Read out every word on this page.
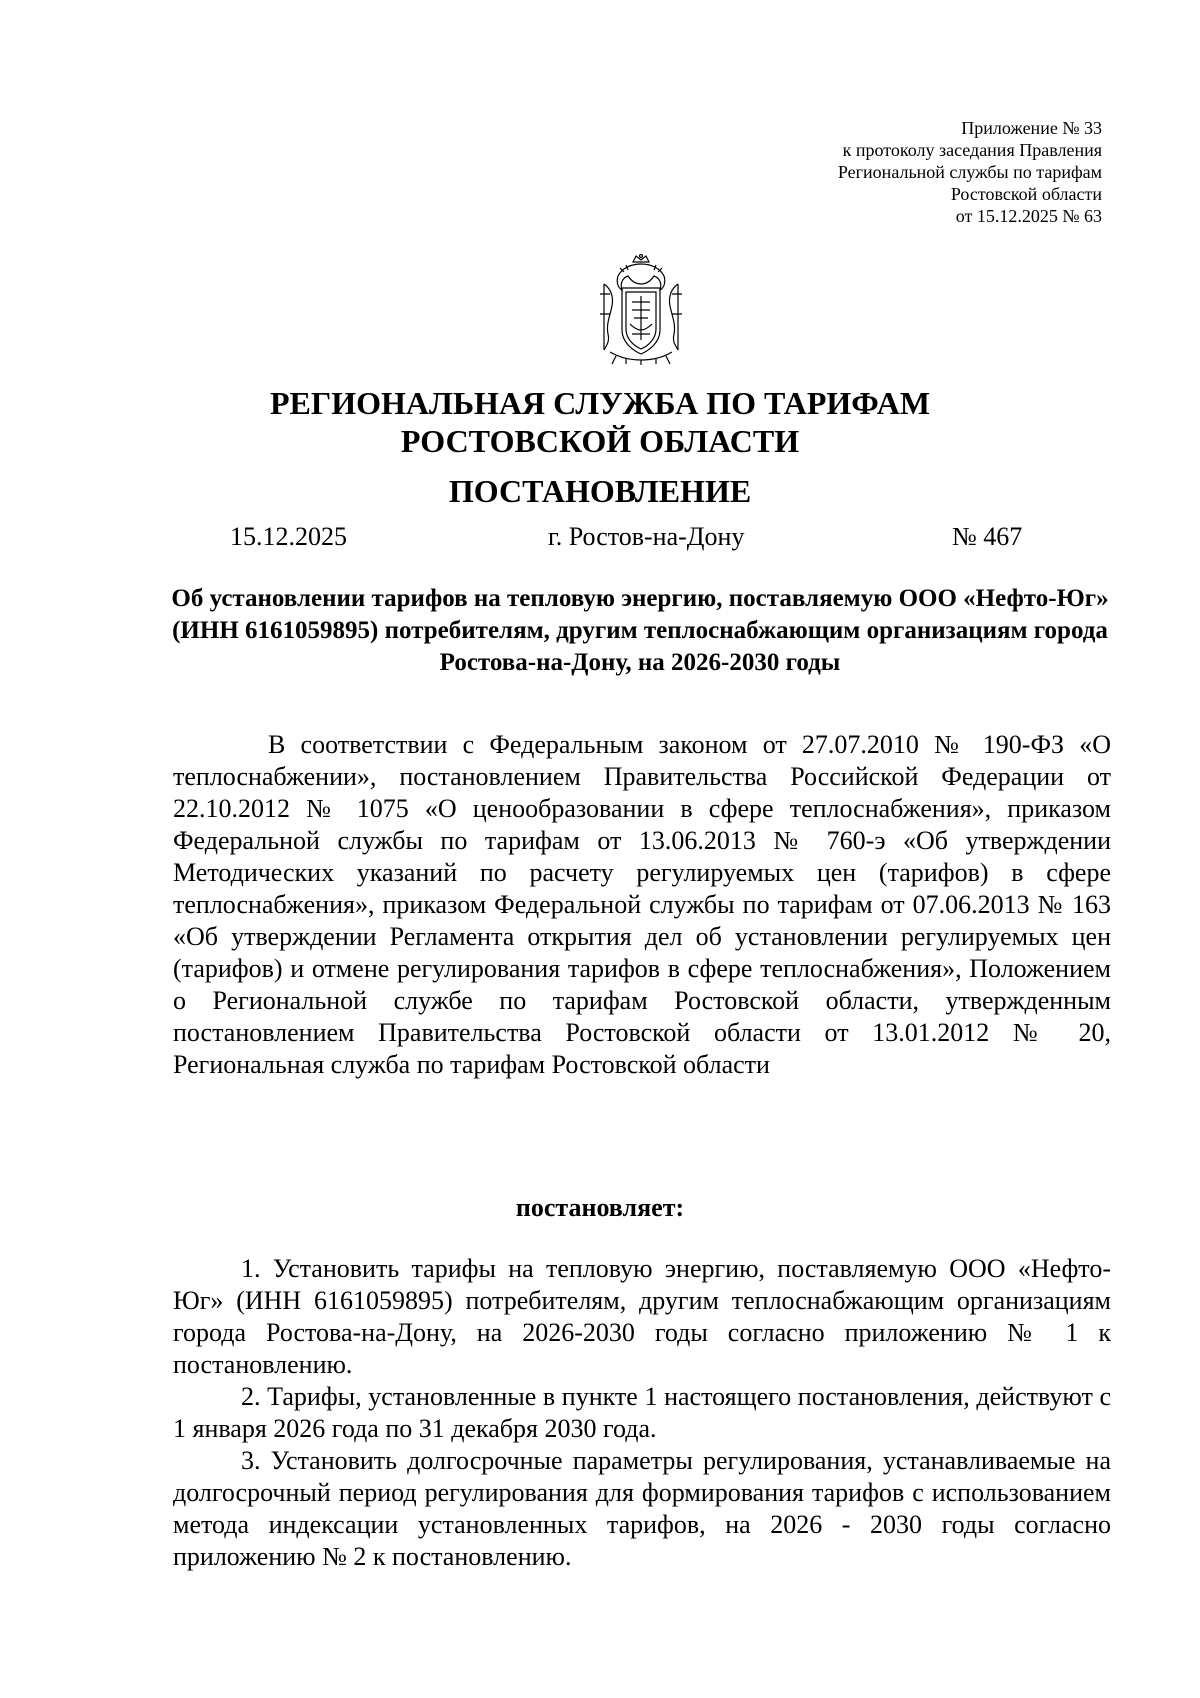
Приложение № 33
к протоколу заседания Правления
Региональной службы по тарифам
Ростовской области
от 15.12.2025 № 63
РЕГИОНАЛЬНАЯ СЛУЖБА ПО ТАРИФАМ
РОСТОВСКОЙ ОБЛАСТИ
ПОСТАНОВЛЕНИЕ
15.12.2025	г. Ростов-на-Дону	№ 467
Об установлении тарифов на тепловую энергию, поставляемую ООО «Нефто-Юг» (ИНН 6161059895) потребителям, другим теплоснабжающим организациям города Ростова-на-Дону, на 2026-2030 годы
В соответствии с Федеральным законом от 27.07.2010 № 190-ФЗ «О теплоснабжении», постановлением Правительства Российской Федерации от 22.10.2012 № 1075 «О ценообразовании в сфере теплоснабжения», приказом Федеральной службы по тарифам от 13.06.2013 № 760-э «Об утверждении Методических указаний по расчету регулируемых цен (тарифов) в сфере теплоснабжения», приказом Федеральной службы по тарифам от 07.06.2013 № 163 «Об утверждении Регламента открытия дел об установлении регулируемых цен (тарифов) и отмене регулирования тарифов в сфере теплоснабжения», Положением о Региональной службе по тарифам Ростовской области, утвержденным постановлением Правительства Ростовской области от 13.01.2012 № 20, Региональная служба по тарифам Ростовской области
постановляет:

1. Установить тарифы на тепловую энергию, поставляемую ООО «Нефто-Юг» (ИНН 6161059895) потребителям, другим теплоснабжающим организациям города Ростова-на-Дону, на 2026-2030 годы согласно приложению № 1 к постановлению.

2. Тарифы, установленные в пункте 1 настоящего постановления, действуют с 1 января 2026 года по 31 декабря 2030 года.

3. Установить долгосрочные параметры регулирования, устанавливаемые на долгосрочный период регулирования для формирования тарифов с использованием метода индексации установленных тарифов, на 2026 - 2030 годы согласно приложению № 2 к постановлению.
